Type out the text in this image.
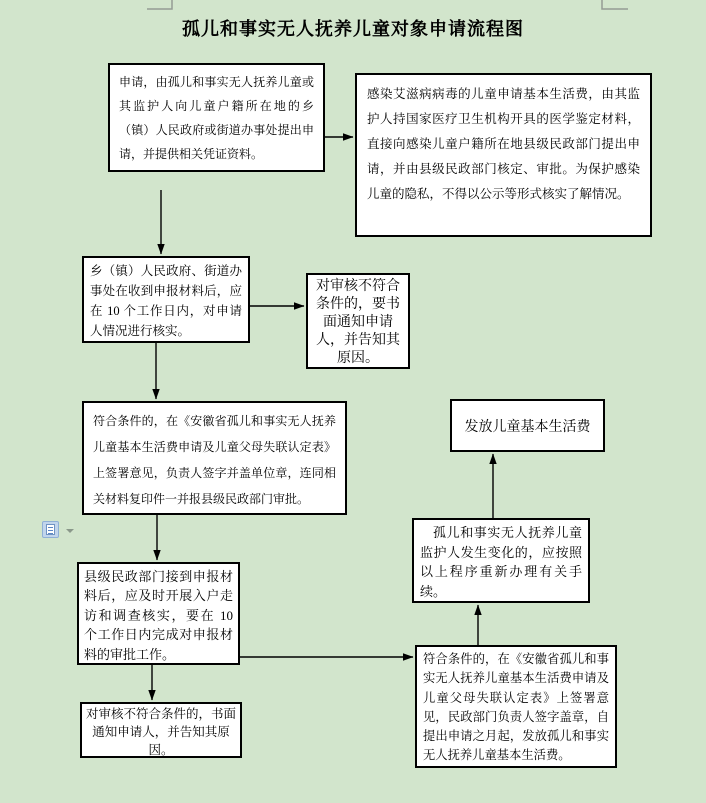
孤儿和事实无人抚养儿童对象申请流程图
申请，由孤儿和事实无人抚养儿童或其监护人向儿童户籍所在地的乡（镇）人民政府或街道办事处提出申请，并提供相关凭证资料。
感染艾滋病病毒的儿童申请基本生活费，由其监护人持国家医疗卫生机构开具的医学鉴定材料，直接向感染儿童户籍所在地县级民政部门提出申请，并由县级民政部门核定、审批。为保护感染儿童的隐私，不得以公示等形式核实了解情况。
乡（镇）人民政府、街道办事处在收到申报材料后，应在 10 个工作日内，对申请人情况进行核实。
对审核不符合条件的，要书面通知申请人，并告知其原因。
符合条件的，在《安徽省孤儿和事实无人抚养儿童基本生活费申请及儿童父母失联认定表》上签署意见，负责人签字并盖单位章，连同相关材料复印件一并报县级民政部门审批。
县级民政部门接到申报材料后，应及时开展入户走访和调查核实，要在 10 个工作日内完成对申报材料的审批工作。
对审核不符合条件的，书面通知申请人，并告知其原因。
符合条件的，在《安徽省孤儿和事实无人抚养儿童基本生活费申请及儿童父母失联认定表》上签署意见，民政部门负责人签字盖章，自提出申请之月起，发放孤儿和事实无人抚养儿童基本生活费。
孤儿和事实无人抚养儿童监护人发生变化的，应按照以上程序重新办理有关手续。
发放儿童基本生活费
